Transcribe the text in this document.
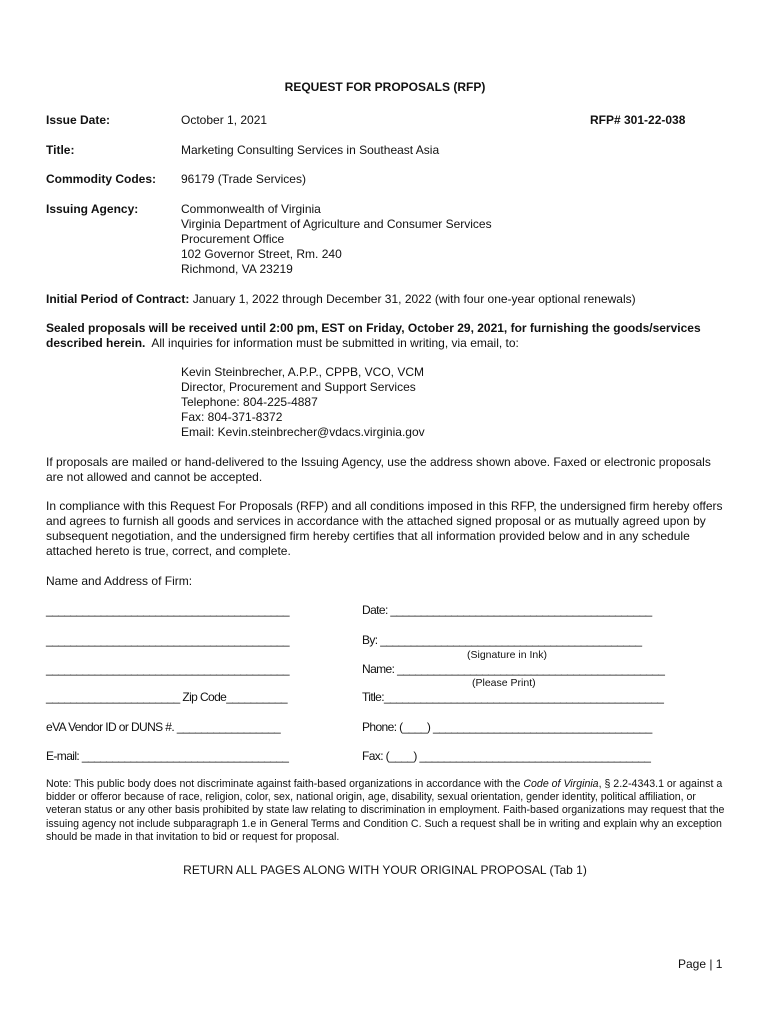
REQUEST FOR PROPOSALS (RFP)
Issue Date:	October 1, 2021	RFP# 301-22-038
Title:	Marketing Consulting Services in Southeast Asia
Commodity Codes: 96179 (Trade Services)
Issuing Agency:	Commonwealth of Virginia
Virginia Department of Agriculture and Consumer Services
Procurement Office
102 Governor Street, Rm. 240
Richmond, VA 23219
Initial Period of Contract: January 1, 2022 through December 31, 2022 (with four one-year optional renewals)
Sealed proposals will be received until 2:00 pm, EST on Friday, October 29, 2021, for furnishing the goods/services described herein. All inquiries for information must be submitted in writing, via email, to:
Kevin Steinbrecher, A.P.P., CPPB, VCO, VCM
Director, Procurement and Support Services
Telephone: 804-225-4887
Fax: 804-371-8372
Email: Kevin.steinbrecher@vdacs.virginia.gov
If proposals are mailed or hand-delivered to the Issuing Agency, use the address shown above. Faxed or electronic proposals are not allowed and cannot be accepted.
In compliance with this Request For Proposals (RFP) and all conditions imposed in this RFP, the undersigned firm hereby offers and agrees to furnish all goods and services in accordance with the attached signed proposal or as mutually agreed upon by subsequent negotiation, and the undersigned firm hereby certifies that all information provided below and in any schedule attached hereto is true, correct, and complete.
Name and Address of Firm:
________________________________________
________________________________________
________________________________________
______________________ Zip Code__________
eVA Vendor ID or DUNS #. _________________
E-mail: __________________________________
Date: ___________________________________________
By: ___________________________________________
(Signature in Ink)
Name: ____________________________________________
(Please Print)
Title:______________________________________________
Phone: (____) ____________________________________
Fax: (____) ______________________________________
Note: This public body does not discriminate against faith-based organizations in accordance with the Code of Virginia, § 2.2-4343.1 or against a bidder or offeror because of race, religion, color, sex, national origin, age, disability, sexual orientation, gender identity, political affiliation, or veteran status or any other basis prohibited by state law relating to discrimination in employment. Faith-based organizations may request that the issuing agency not include subparagraph 1.e in General Terms and Condition C. Such a request shall be in writing and explain why an exception should be made in that invitation to bid or request for proposal.
RETURN ALL PAGES ALONG WITH YOUR ORIGINAL PROPOSAL (Tab 1)
Page | 1
